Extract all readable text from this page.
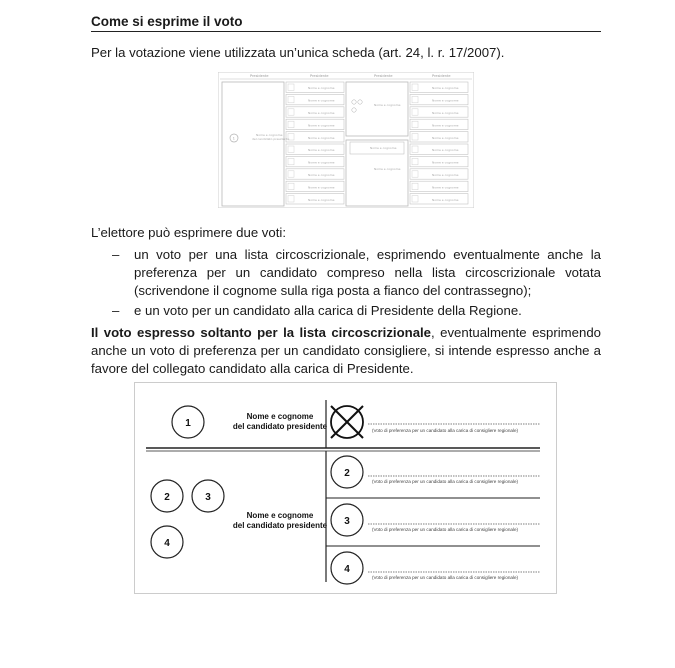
Come si esprime il voto

Per la votazione viene utilizzata un’unica scheda (art. 24, l. r. 17/2007).

Presidente	Presidente	Presidente	Presidente
1
Nome e cognome
del candidato presidente
Nome e cognome
Nome e cognome
Nome e cognome
Nome e cognome
Nome e cognome
Nome e cognome
Nome e cognome
Nome e cognome
Nome e cognome
Nome e cognome
Nome e cognome
Nome e cognome
Nome e cognome
Nome e cognome
Nome e cognome
Nome e cognome
Nome e cognome
Nome e cognome
Nome e cognome
Nome e cognome
Nome e cognome
Nome e cognome
Nome e cognome

L’elettore può esprimere due voti:

– un voto per una lista circoscrizionale, esprimendo eventualmente anche la preferenza per un candidato compreso nella lista circoscrizionale votata (scrivendone il cognome sulla riga posta a fianco del contrassegno);
– e un voto per un candidato alla carica di Presidente della Regione.

Il voto espresso soltanto per la lista circoscrizionale, eventualmente esprimendo anche un voto di preferenza per un candidato consigliere, si intende espresso anche a favore del collegato candidato alla carica di Presidente.

1
Nome e cognome
del candidato presidente	(Voto di preferenza per un candidato alla carica di consigliere regionale)
2	3
4
Nome e cognome
del candidato presidente
2
(Voto di preferenza per un candidato alla carica di consigliere regionale)
3
(Voto di preferenza per un candidato alla carica di consigliere regionale)
4
(Voto di preferenza per un candidato alla carica di consigliere regionale)
